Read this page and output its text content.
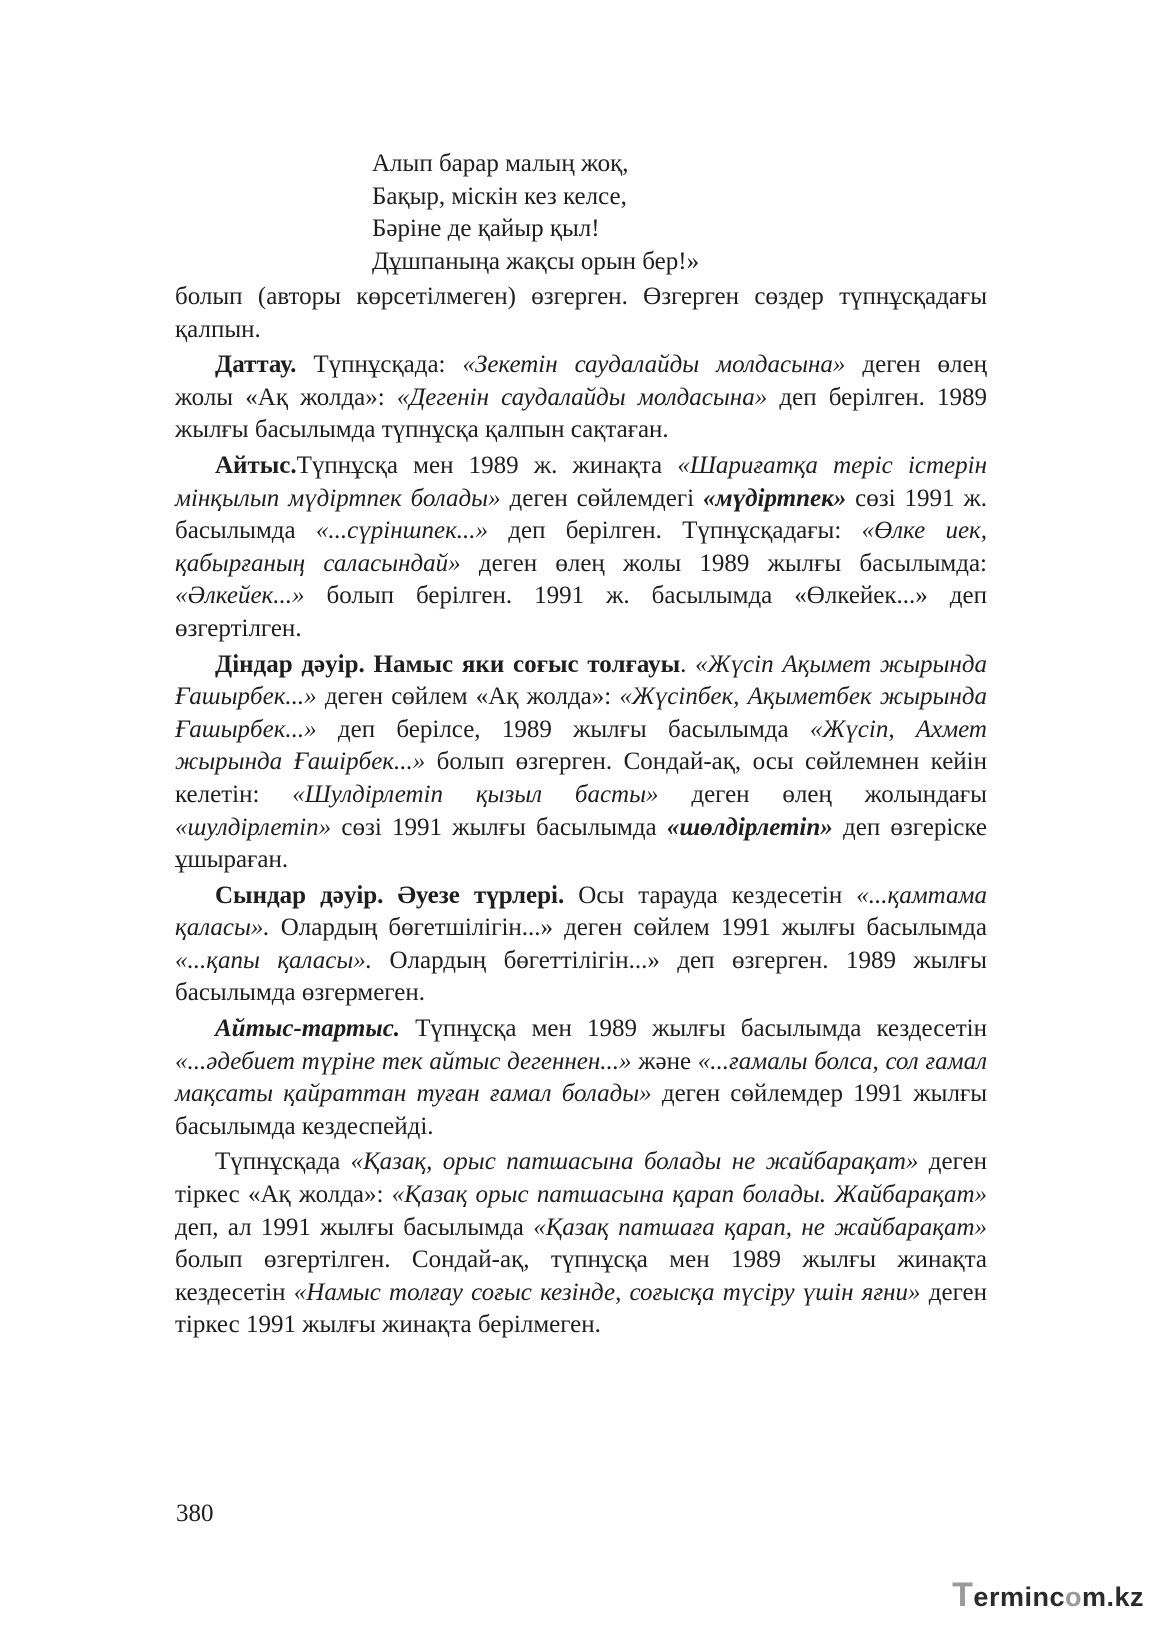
Алып барар малың жоқ,
Бақыр, міскін кез келсе,
Бәріне де қайыр қыл!
Дұшпаныңа жақсы орын бер!»

болып (авторы көрсетілмеген) өзгерген. Өзгерген сөздер түпнұсқадағы қалпын.

Даттау. Түпнұсқада: «Зекетін саудалайды молдасына» деген өлең жолы «Ақ жолда»: «Дегенін саудалайды молдасына» деп берілген. 1989 жылғы басылымда түпнұсқа қалпын сақтаған.

Айтыс.Түпнұсқа мен 1989 ж. жинақта «Шариғатқа теріс істерін мінқылып мүдіртпек болады» деген сөйлемдегі «мүдіртпек» сөзі 1991 ж. басылымда «...сүріншпек...» деп берілген. Түпнұсқадағы: «Өлке иек, қабырғаның саласындай» деген өлең жолы 1989 жылғы басылымда: «Әлкейек...» болып берілген. 1991 ж. басылымда «Өлкейек...» деп өзгертілген.

Діндар дәуір. Намыс яки соғыс толғауы. «Жүсіп Ақымет жырында Ғашырбек...» деген сөйлем «Ақ жолда»: «Жүсіпбек, Ақыметбек жырында Ғашырбек...» деп берілсе, 1989 жылғы басылымда «Жүсіп, Ахмет жырында Ғашірбек...» болып өзгерген. Сондай-ақ, осы сөйлемнен кейін келетін: «Шулдірлетіп қызыл басты» деген өлең жолындағы «шулдірлетіп» сөзі 1991 жылғы басылымда «шөлдірлетіп» деп өзгеріске ұшыраған.

Сындар дәуір. Әуезе түрлері. Осы тарауда кездесетін «...қамтама қаласы». Олардың бөгетшілігін...» деген сөйлем 1991 жылғы басылымда «...қапы қаласы». Олардың бөгеттілігін...» деп өзгерген. 1989 жылғы басылымда өзгермеген.

Айтыс-тартыс. Түпнұсқа мен 1989 жылғы басылымда кездесетін «...әдебиет түріне тек айтыс дегеннен...» және «...ғамалы болса, сол ғамал мақсаты қайраттан туған ғамал болады» деген сөйлемдер 1991 жылғы басылымда кездеспейді.

Түпнұсқада «Қазақ, орыс патшасына болады не жайбарақат» деген тіркес «Ақ жолда»: «Қазақ орыс патшасына қарап болады. Жайбарақат» деп, ал 1991 жылғы басылымда «Қазақ патшаға қарап, не жайбарақат» болып өзгертілген. Сондай-ақ, түпнұсқа мен 1989 жылғы жинақта кездесетін «Намыс толғау соғыс кезінде, соғысқа түсіру үшін яғни» деген тіркес 1991 жылғы жинақта берілмеген.

380
Termincom.kz
